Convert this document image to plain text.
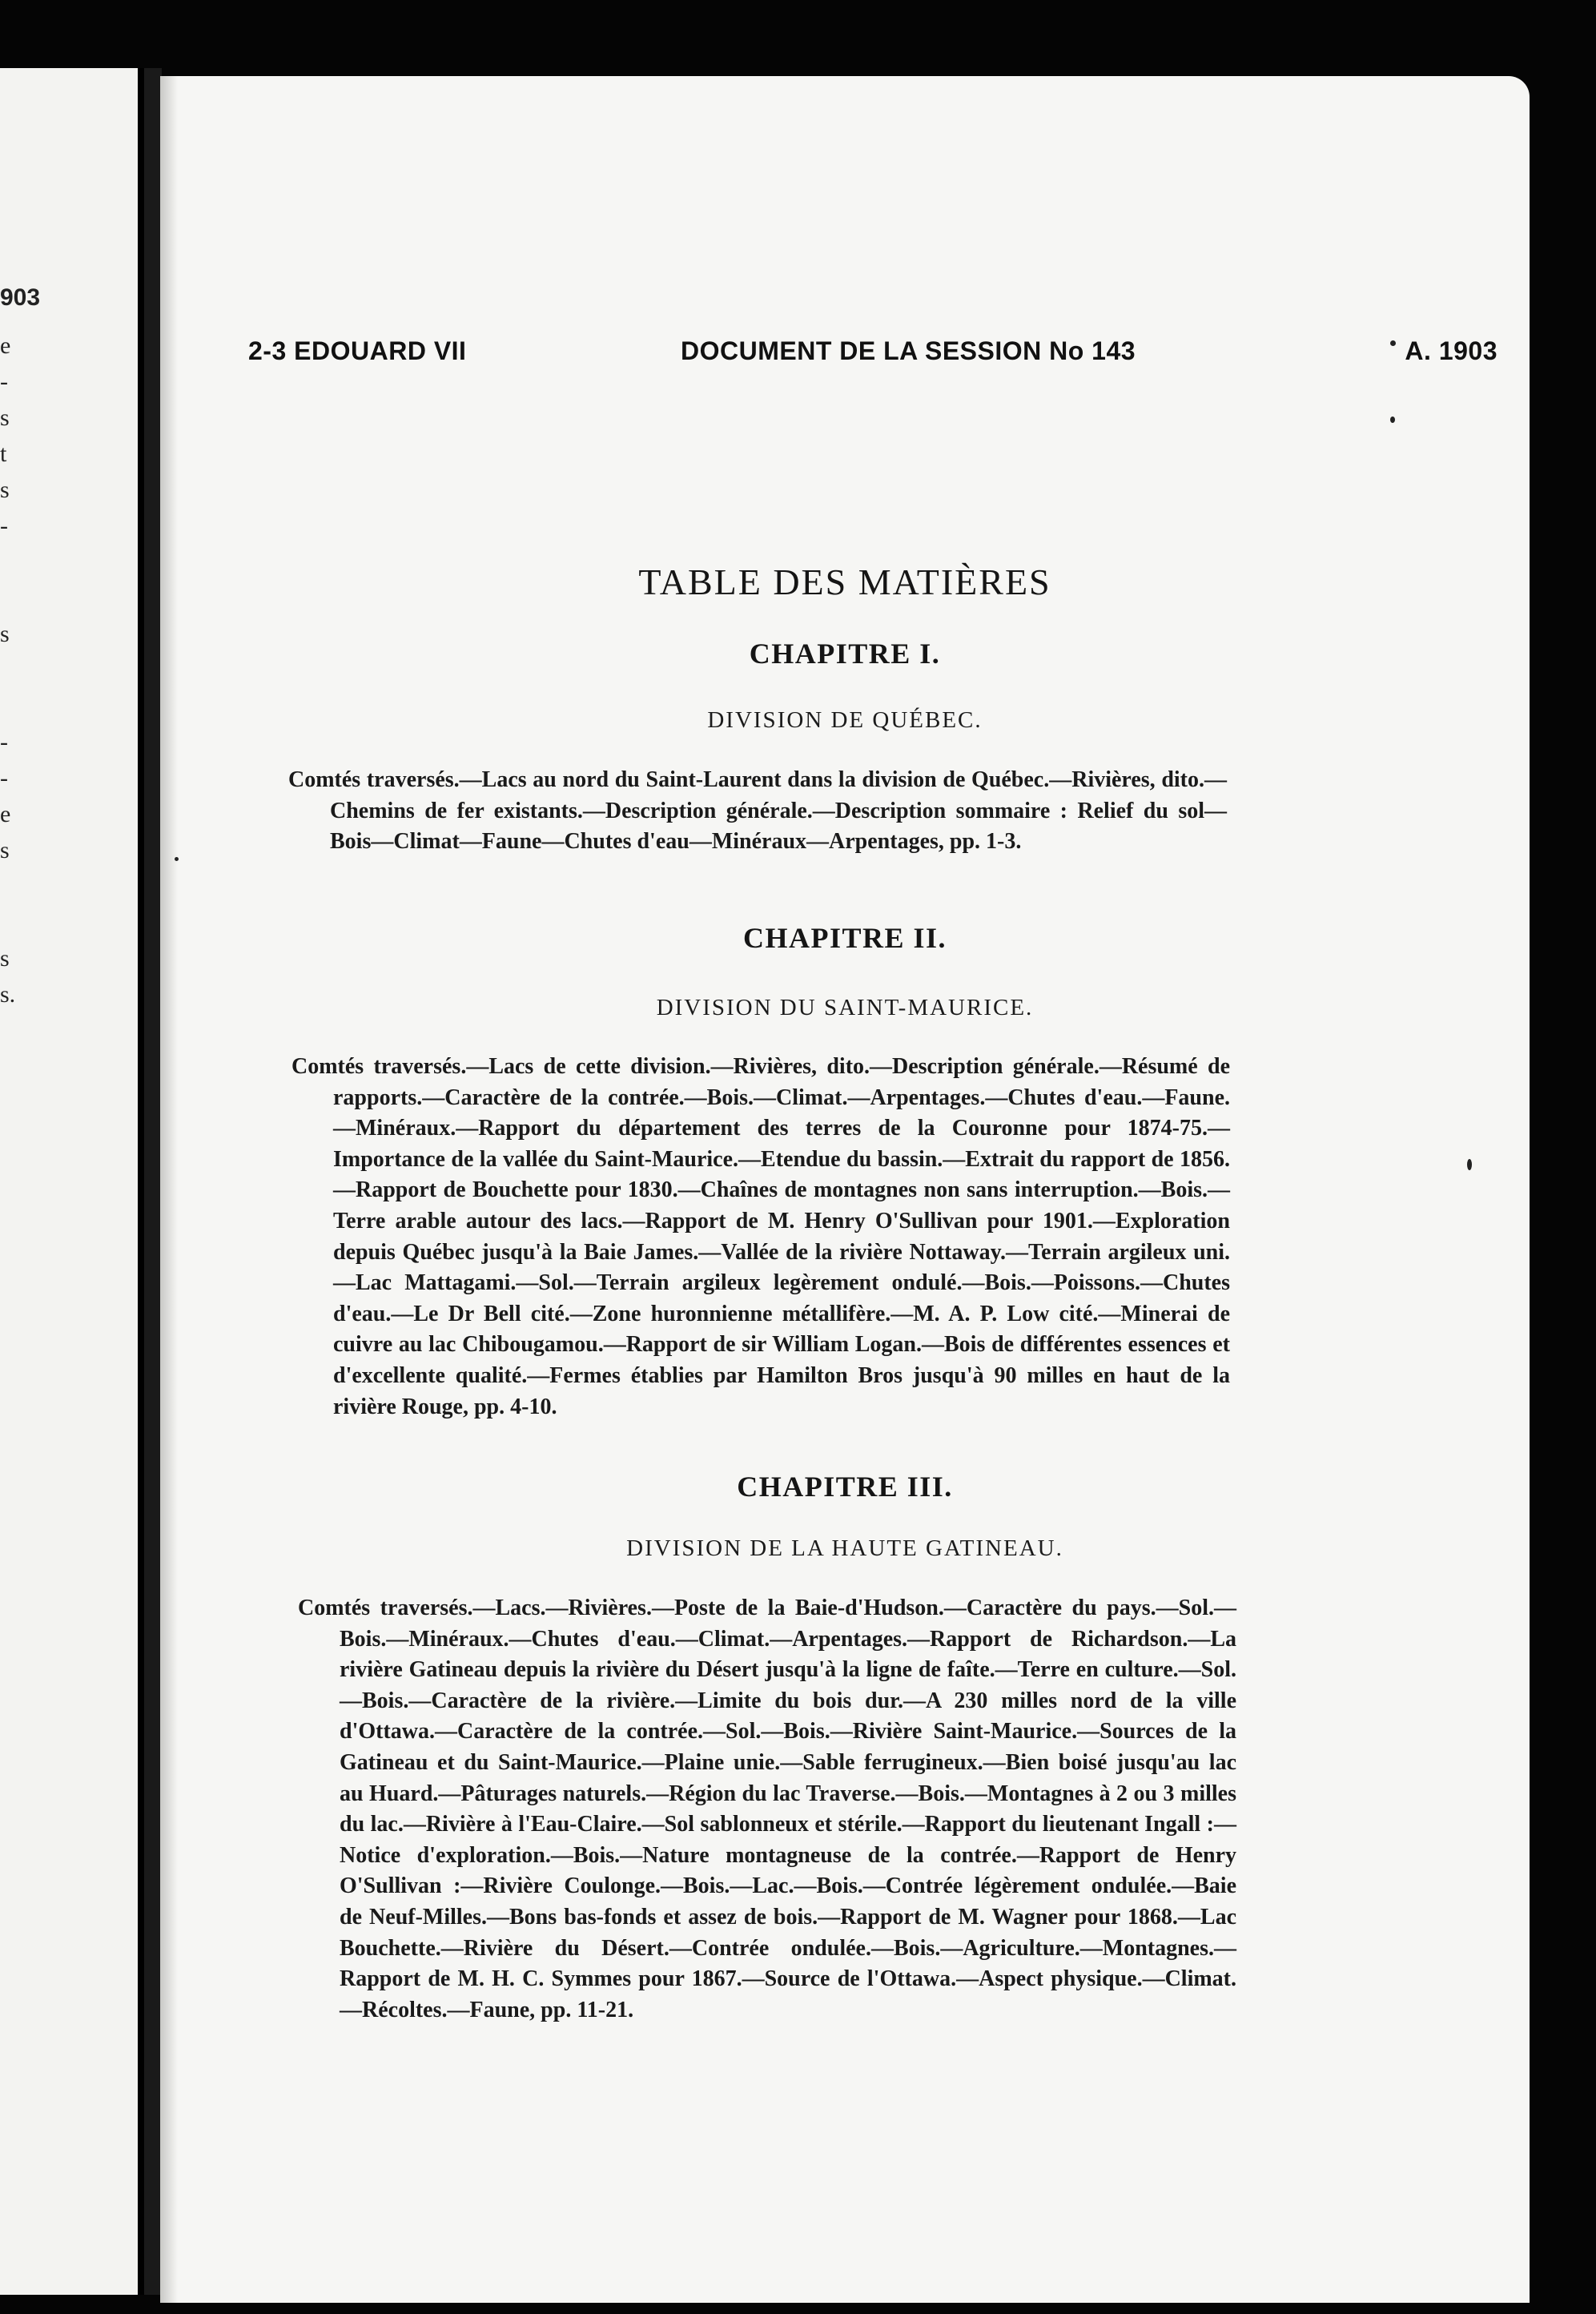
903
e
-
s
t
s
-
s
-
-
e
s
s
s.
2-3 EDOUARD VII	DOCUMENT DE LA SESSION No 143	A. 1903
TABLE DES MATIÈRES
CHAPITRE I.
DIVISION DE QUÉBEC.
Comtés traversés.—Lacs au nord du Saint-Laurent dans la division de Québec.—Rivières, dito.—Chemins de fer existants.—Description générale.—Description sommaire : Relief du sol—Bois—Climat—Faune—Chutes d'eau—Minéraux—Arpentages, pp. 1-3.
CHAPITRE II.
DIVISION DU SAINT-MAURICE.
Comtés traversés.—Lacs de cette division.—Rivières, dito.—Description générale.—Résumé de rapports.—Caractère de la contrée.—Bois.—Climat.—Arpentages.—Chutes d'eau.—Faune.—Minéraux.—Rapport du département des terres de la Couronne pour 1874-75.—Importance de la vallée du Saint-Maurice.—Etendue du bassin.—Extrait du rapport de 1856.—Rapport de Bouchette pour 1830.—Chaînes de montagnes non sans interruption.—Bois.—Terre arable autour des lacs.—Rapport de M. Henry O'Sullivan pour 1901.—Exploration depuis Québec jusqu'à la Baie James.—Vallée de la rivière Nottaway.—Terrain argileux uni.—Lac Mattagami.—Sol.—Terrain argileux legèrement ondulé.—Bois.—Poissons.—Chutes d'eau.—Le Dr Bell cité.—Zone huronnienne métallifère.—M. A. P. Low cité.—Minerai de cuivre au lac Chibougamou.—Rapport de sir William Logan.—Bois de différentes essences et d'excellente qualité.—Fermes établies par Hamilton Bros jusqu'à 90 milles en haut de la rivière Rouge, pp. 4-10.
CHAPITRE III.
DIVISION DE LA HAUTE GATINEAU.
Comtés traversés.—Lacs.—Rivières.—Poste de la Baie-d'Hudson.—Caractère du pays.—Sol.—Bois.—Minéraux.—Chutes d'eau.—Climat.—Arpentages.—Rapport de Richardson.—La rivière Gatineau depuis la rivière du Désert jusqu'à la ligne de faîte.—Terre en culture.—Sol.—Bois.—Caractère de la rivière.—Limite du bois dur.—A 230 milles nord de la ville d'Ottawa.—Caractère de la contrée.—Sol.—Bois.—Rivière Saint-Maurice.—Sources de la Gatineau et du Saint-Maurice.—Plaine unie.—Sable ferrugineux.—Bien boisé jusqu'au lac au Huard.—Pâturages naturels.—Région du lac Traverse.—Bois.—Montagnes à 2 ou 3 milles du lac.—Rivière à l'Eau-Claire.—Sol sablonneux et stérile.—Rapport du lieutenant Ingall :—Notice d'exploration.—Bois.—Nature montagneuse de la contrée.—Rapport de Henry O'Sullivan :—Rivière Coulonge.—Bois.—Lac.—Bois.—Contrée légèrement ondulée.—Baie de Neuf-Milles.—Bons bas-fonds et assez de bois.—Rapport de M. Wagner pour 1868.—Lac Bouchette.—Rivière du Désert.—Contrée ondulée.—Bois.—Agriculture.—Montagnes.—Rapport de M. H. C. Symmes pour 1867.—Source de l'Ottawa.—Aspect physique.—Climat.—Récoltes.—Faune, pp. 11-21.
